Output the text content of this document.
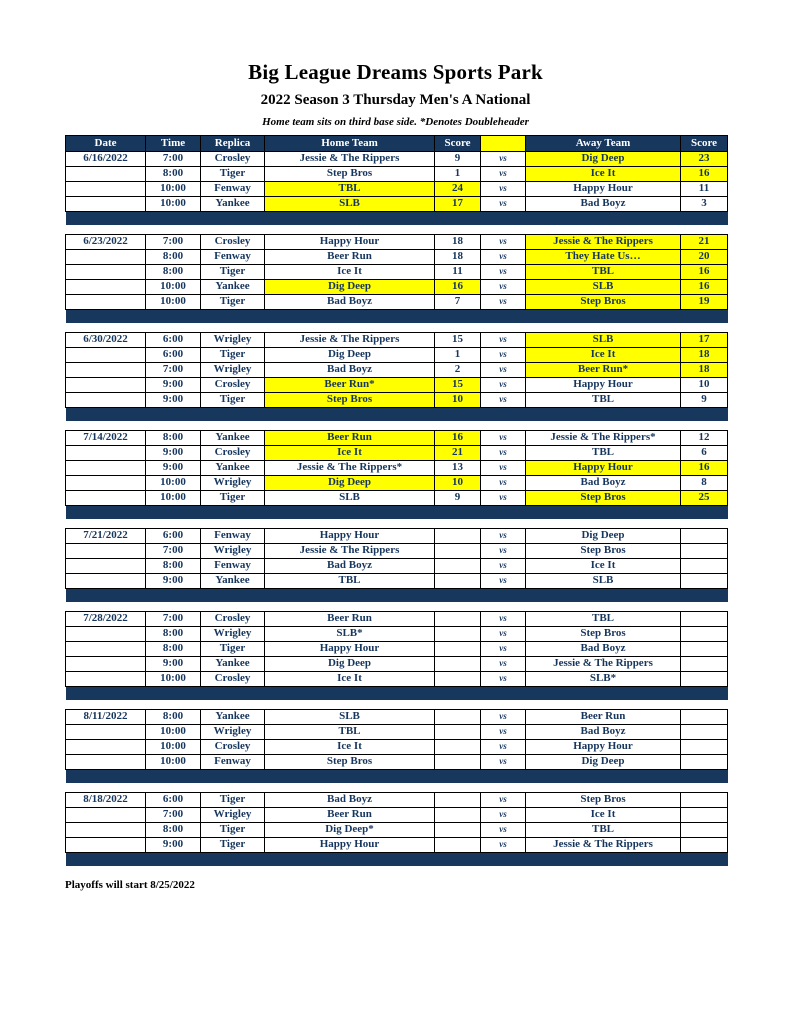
Big League Dreams Sports Park
2022 Season 3 Thursday Men's A National

Home team sits on third base side. *Denotes Doubleheader

Date	Time	Replica	Home Team	Score		Away Team	Score
6/16/2022	7:00	Crosley	Jessie & The Rippers	9	vs	Dig Deep	23
	8:00	Tiger	Step Bros	1	vs	Ice It	16
	10:00	Fenway	TBL	24	vs	Happy Hour	11
	10:00	Yankee	SLB	17	vs	Bad Boyz	3

6/23/2022	7:00	Crosley	Happy Hour	18	vs	Jessie & The Rippers	21
	8:00	Fenway	Beer Run	18	vs	They Hate Us…	20
	8:00	Tiger	Ice It	11	vs	TBL	16
	10:00	Yankee	Dig Deep	16	vs	SLB	16
	10:00	Tiger	Bad Boyz	7	vs	Step Bros	19

6/30/2022	6:00	Wrigley	Jessie & The Rippers	15	vs	SLB	17
	6:00	Tiger	Dig Deep	1	vs	Ice It	18
	7:00	Wrigley	Bad Boyz	2	vs	Beer Run*	18
	9:00	Crosley	Beer Run*	15	vs	Happy Hour	10
	9:00	Tiger	Step Bros	10	vs	TBL	9

7/14/2022	8:00	Yankee	Beer Run	16	vs	Jessie & The Rippers*	12
	9:00	Crosley	Ice It	21	vs	TBL	6
	9:00	Yankee	Jessie & The Rippers*	13	vs	Happy Hour	16
	10:00	Wrigley	Dig Deep	10	vs	Bad Boyz	8
	10:00	Tiger	SLB	9	vs	Step Bros	25

7/21/2022	6:00	Fenway	Happy Hour		vs	Dig Deep	
	7:00	Wrigley	Jessie & The Rippers		vs	Step Bros	
	8:00	Fenway	Bad Boyz		vs	Ice It	
	9:00	Yankee	TBL		vs	SLB	

7/28/2022	7:00	Crosley	Beer Run		vs	TBL	
	8:00	Wrigley	SLB*		vs	Step Bros	
	8:00	Tiger	Happy Hour		vs	Bad Boyz	
	9:00	Yankee	Dig Deep		vs	Jessie & The Rippers	
	10:00	Crosley	Ice It		vs	SLB*	

8/11/2022	8:00	Yankee	SLB		vs	Beer Run	
	10:00	Wrigley	TBL		vs	Bad Boyz	
	10:00	Crosley	Ice It		vs	Happy Hour	
	10:00	Fenway	Step Bros		vs	Dig Deep	

8/18/2022	6:00	Tiger	Bad Boyz		vs	Step Bros	
	7:00	Wrigley	Beer Run		vs	Ice It	
	8:00	Tiger	Dig Deep*		vs	TBL	
	9:00	Tiger	Happy Hour		vs	Jessie & The Rippers	

Playoffs will start 8/25/2022
